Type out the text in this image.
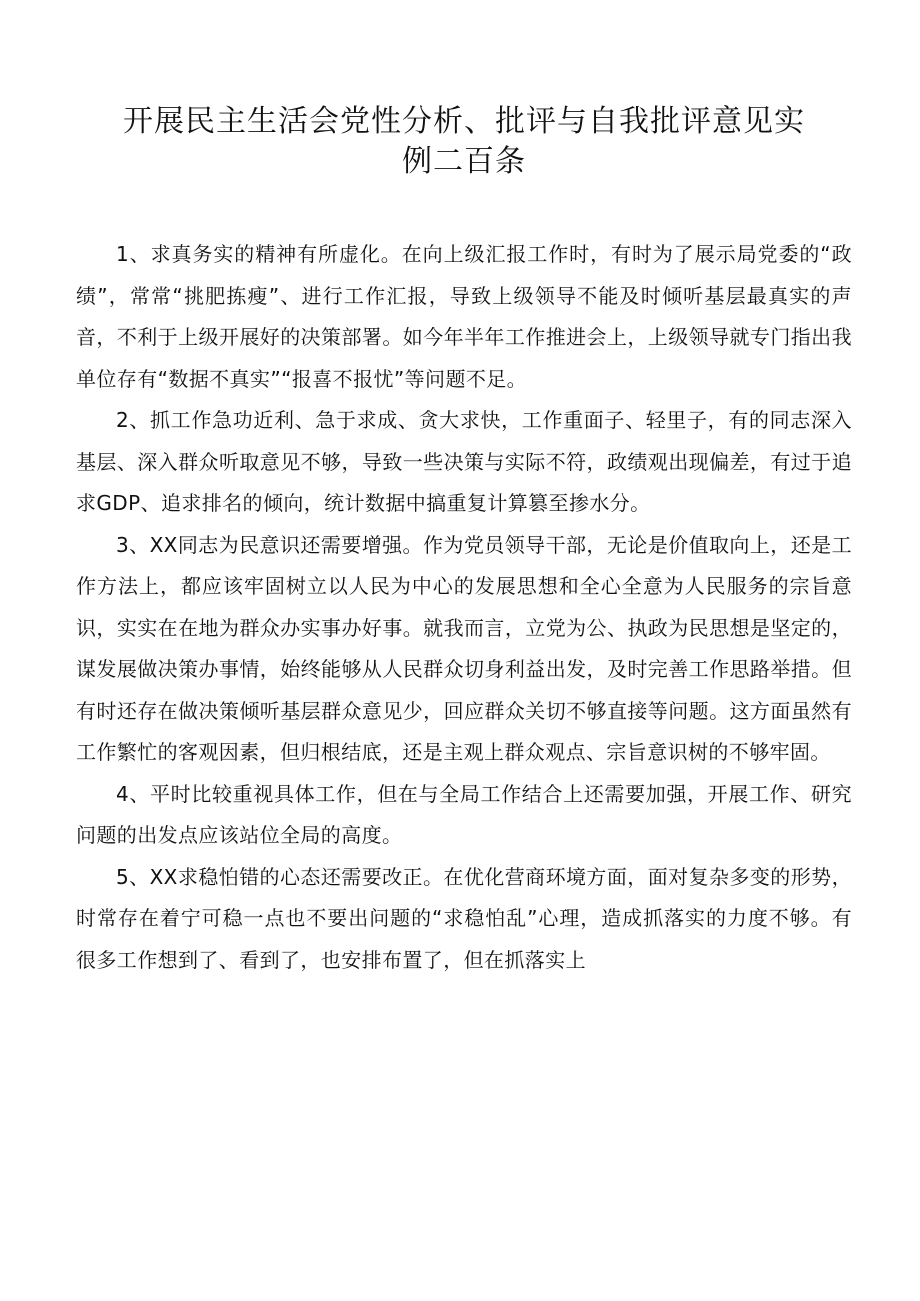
开展民主生活会党性分析、批评与自我批评意见实
例二百条

1、求真务实的精神有所虚化。在向上级汇报工作时，有时为了展示局党委的“政绩”，常常“挑肥拣瘦”、进行工作汇报，导致上级领导不能及时倾听基层最真实的声音，不利于上级开展好的决策部署。如今年半年工作推进会上，上级领导就专门指出我单位存有“数据不真实”“报喜不报忧”等问题不足。

2、抓工作急功近利、急于求成、贪大求快，工作重面子、轻里子，有的同志深入基层、深入群众听取意见不够，导致一些决策与实际不符，政绩观出现偏差，有过于追求GDP、追求排名的倾向，统计数据中搞重复计算篡至掺水分。

3、XX同志为民意识还需要增强。作为党员领导干部，无论是价值取向上，还是工作方法上，都应该牢固树立以人民为中心的发展思想和全心全意为人民服务的宗旨意识，实实在在地为群众办实事办好事。就我而言，立党为公、执政为民思想是坚定的，谋发展做决策办事情，始终能够从人民群众切身利益出发，及时完善工作思路举措。但有时还存在做决策倾听基层群众意见少，回应群众关切不够直接等问题。这方面虽然有工作繁忙的客观因素，但归根结底，还是主观上群众观点、宗旨意识树的不够牢固。

4、平时比较重视具体工作，但在与全局工作结合上还需要加强，开展工作、研究问题的出发点应该站位全局的高度。

5、XX求稳怕错的心态还需要改正。在优化营商环境方面，面对复杂多变的形势，时常存在着宁可稳一点也不要出问题的“求稳怕乱”心理，造成抓落实的力度不够。有很多工作想到了、看到了，也安排布置了，但在抓落实上
